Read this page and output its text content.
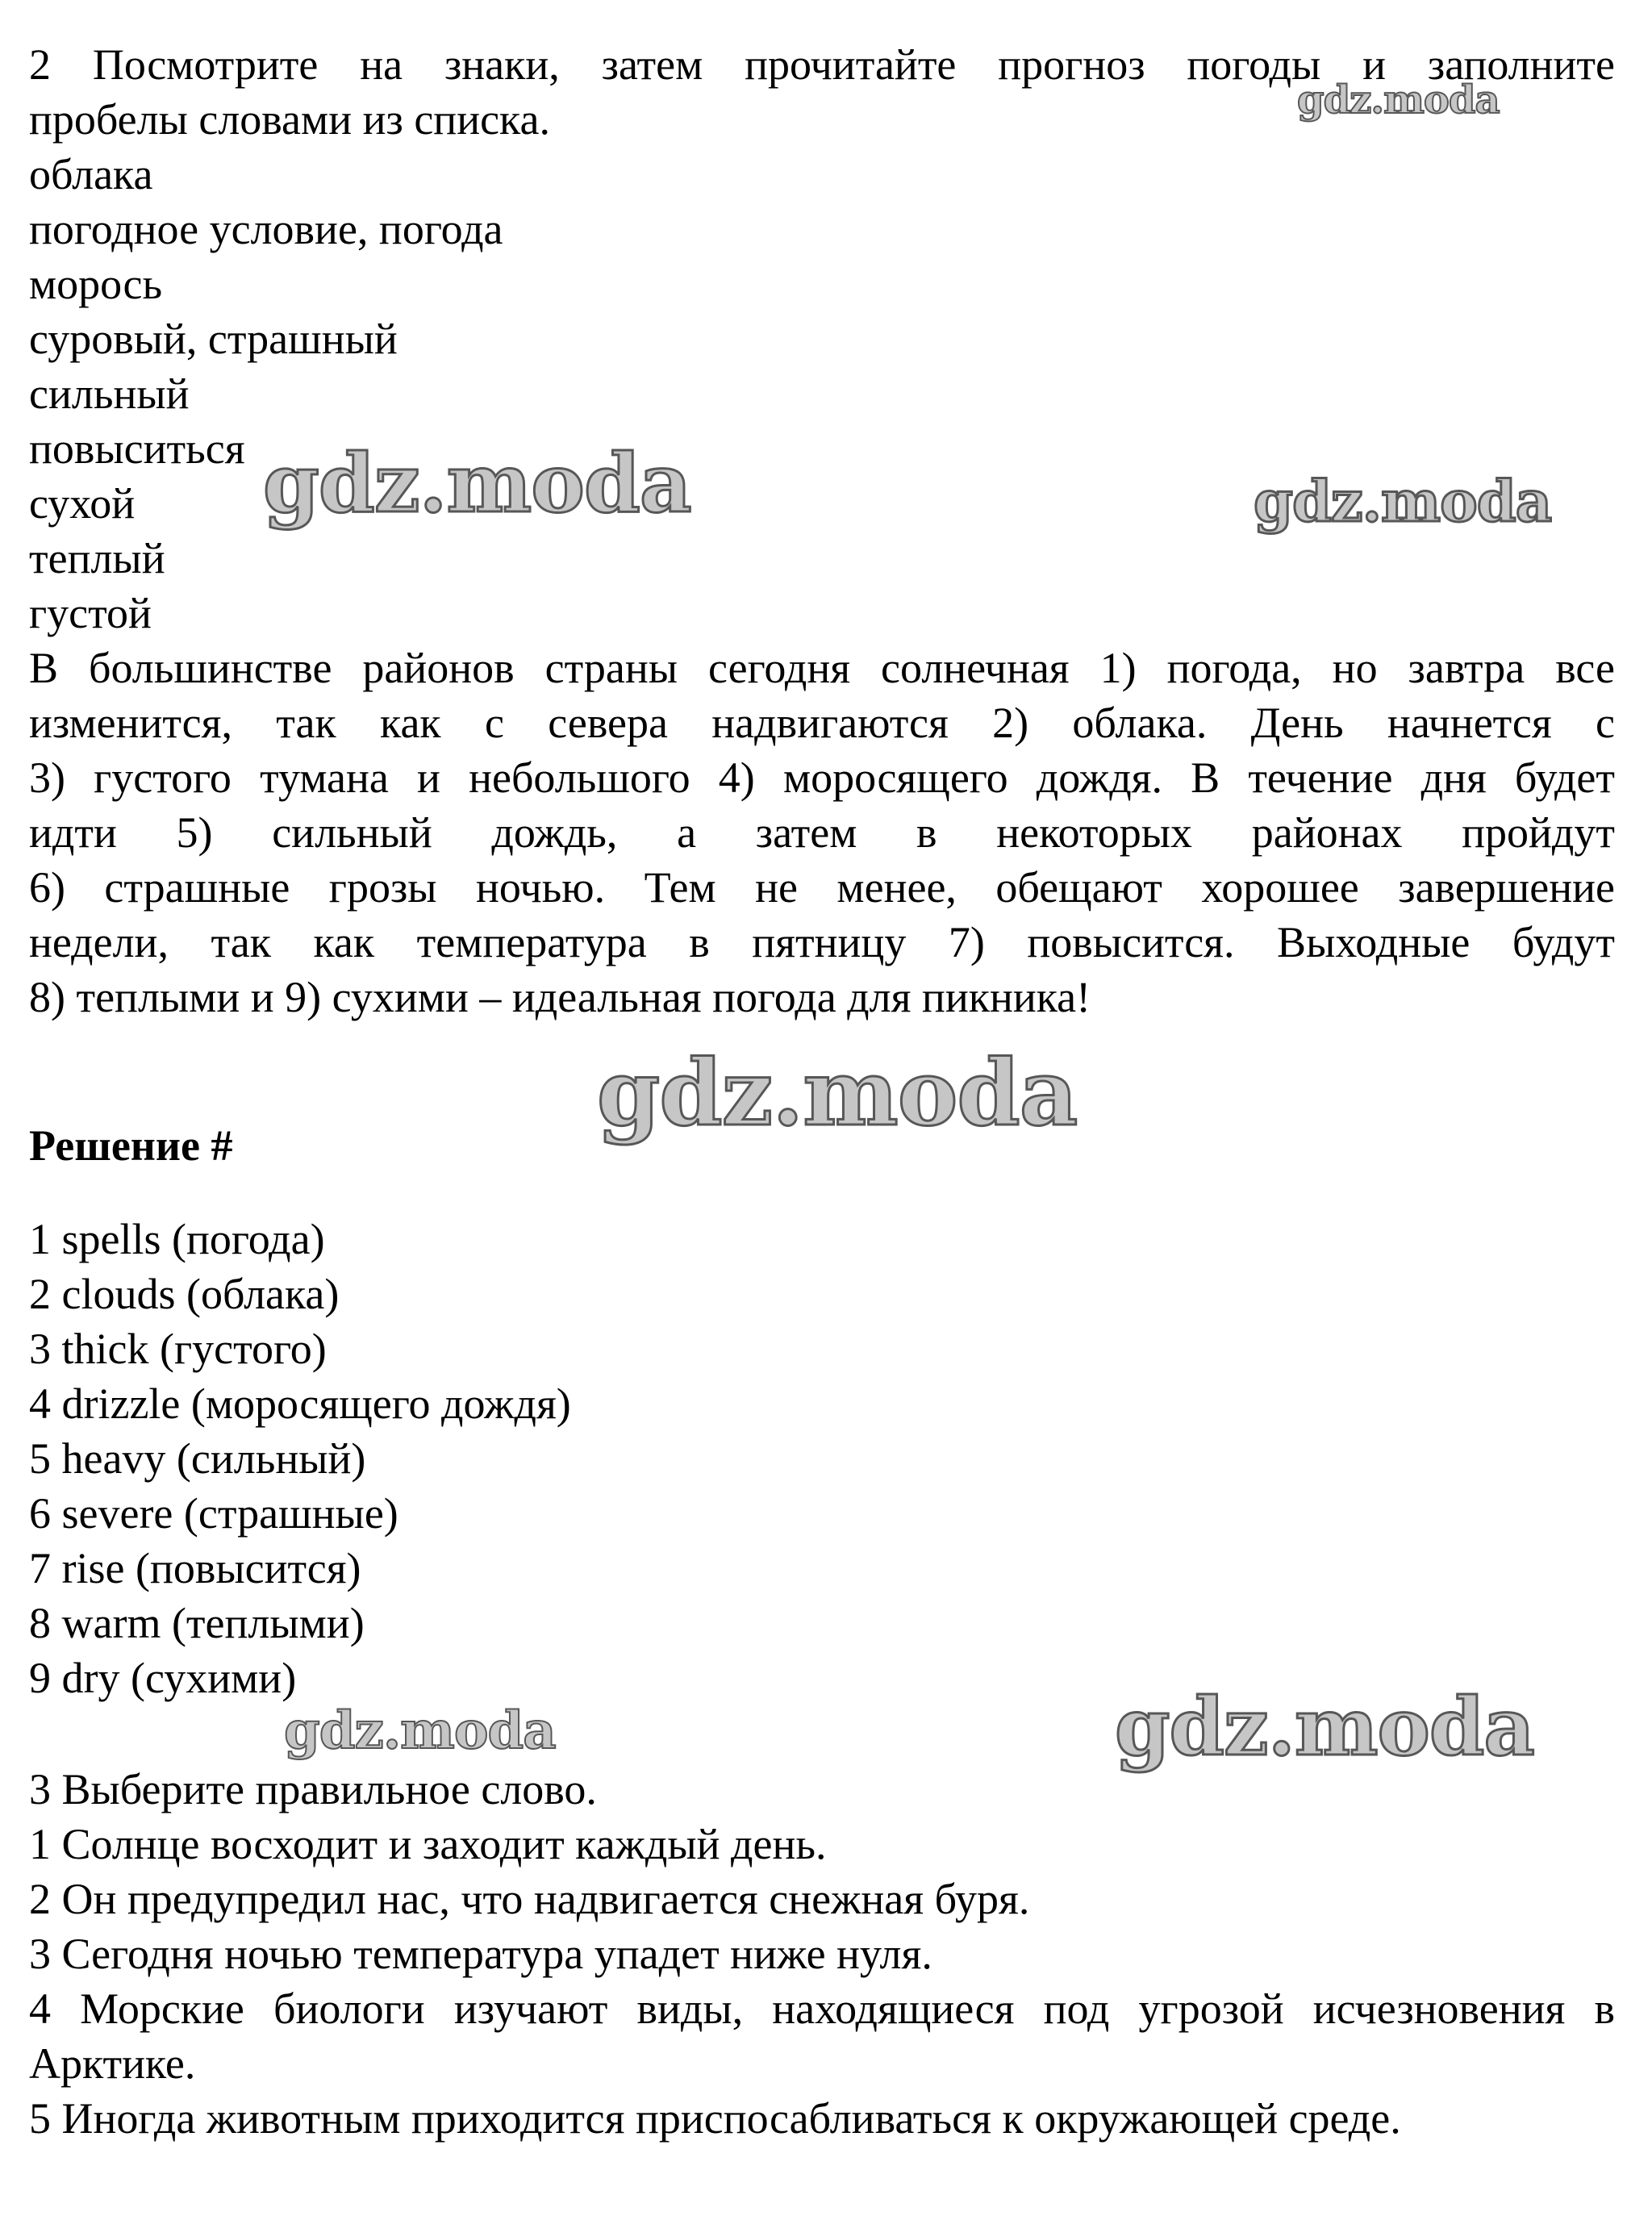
2 Посмотрите на знаки, затем прочитайте прогноз погоды и заполните
пробелы словами из списка.
облака
погодное условие, погода
морось
суровый, страшный
сильный
повыситься
сухой
теплый
густой
В большинстве районов страны сегодня солнечная 1) погода, но завтра все
изменится, так как с севера надвигаются 2) облака. День начнется с
3) густого тумана и небольшого 4) моросящего дождя. В течение дня будет
идти 5) сильный дождь, а затем в некоторых районах пройдут
6) страшные грозы ночью. Тем не менее, обещают хорошее завершение
недели, так как температура в пятницу 7) повысится. Выходные будут
8) теплыми и 9) сухими – идеальная погода для пикника!
Решение #
1 spells (погода)
2 clouds (облака)
3 thick (густого)
4 drizzle (моросящего дождя)
5 heavy (сильный)
6 severe (страшные)
7 rise (повысится)
8 warm (теплыми)
9 dry (сухими)
3 Выберите правильное слово.
1 Солнце восходит и заходит каждый день.
2 Он предупредил нас, что надвигается снежная буря.
3 Сегодня ночью температура упадет ниже нуля.
4 Морские биологи изучают виды, находящиеся под угрозой исчезновения в
Арктике.
5 Иногда животным приходится приспосабливаться к окружающей среде.
gdz.moda
gdz.moda	gdz.moda
gdz.moda
gdz.moda	gdz.moda
